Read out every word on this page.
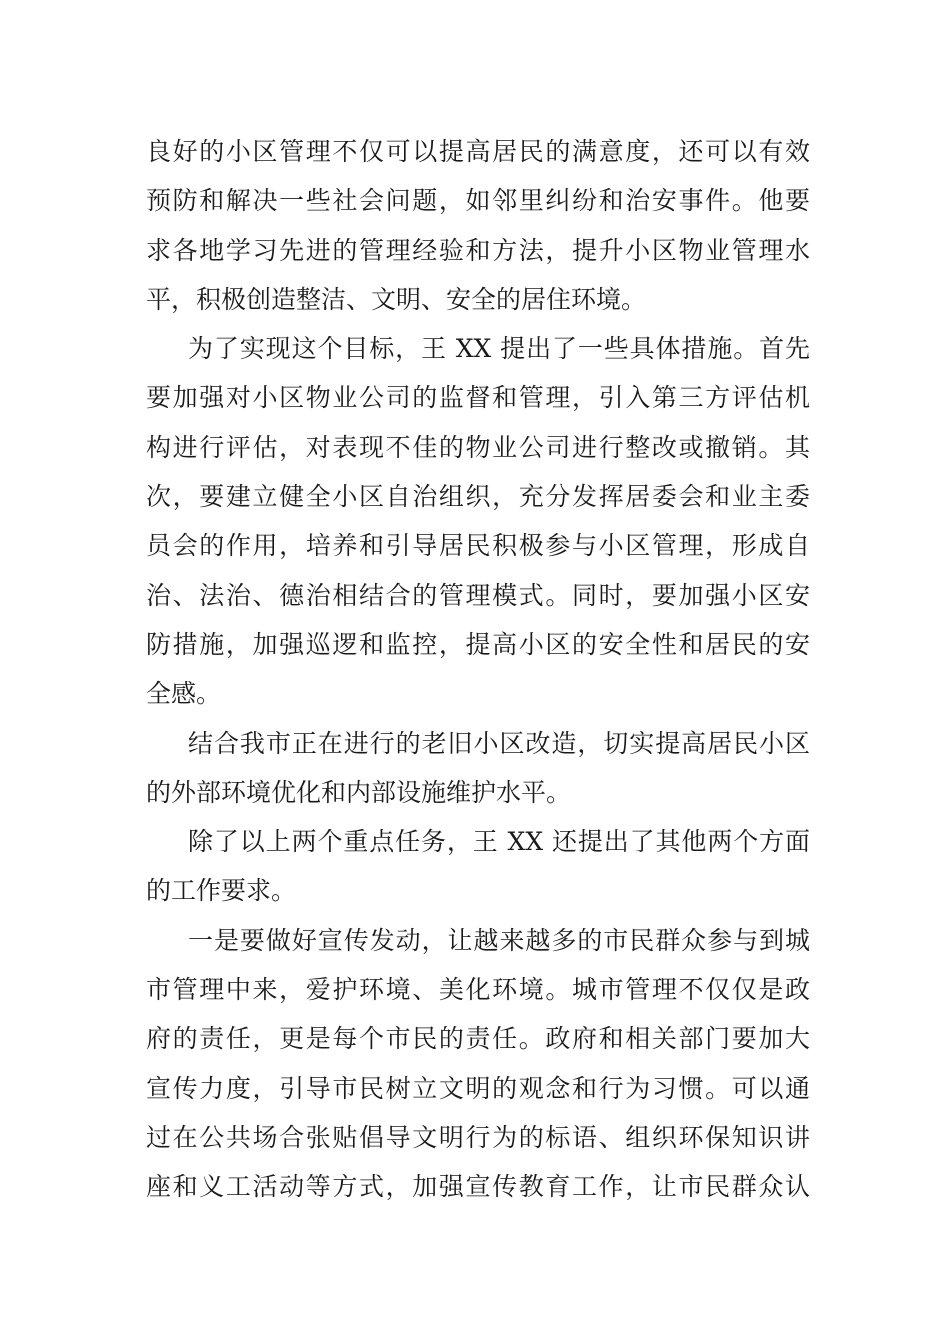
良好的小区管理不仅可以提高居民的满意度，还可以有效
预防和解决一些社会问题，如邻里纠纷和治安事件。他要
求各地学习先进的管理经验和方法，提升小区物业管理水
平，积极创造整洁、文明、安全的居住环境。
为了实现这个目标，王 XX 提出了一些具体措施。首先
要加强对小区物业公司的监督和管理，引入第三方评估机
构进行评估，对表现不佳的物业公司进行整改或撤销。其
次，要建立健全小区自治组织，充分发挥居委会和业主委
员会的作用，培养和引导居民积极参与小区管理，形成自
治、法治、德治相结合的管理模式。同时，要加强小区安
防措施，加强巡逻和监控，提高小区的安全性和居民的安
全感。
结合我市正在进行的老旧小区改造，切实提高居民小区
的外部环境优化和内部设施维护水平。
除了以上两个重点任务，王 XX 还提出了其他两个方面
的工作要求。
一是要做好宣传发动，让越来越多的市民群众参与到城
市管理中来，爱护环境、美化环境。城市管理不仅仅是政
府的责任，更是每个市民的责任。政府和相关部门要加大
宣传力度，引导市民树立文明的观念和行为习惯。可以通
过在公共场合张贴倡导文明行为的标语、组织环保知识讲
座和义工活动等方式，加强宣传教育工作，让市民群众认
